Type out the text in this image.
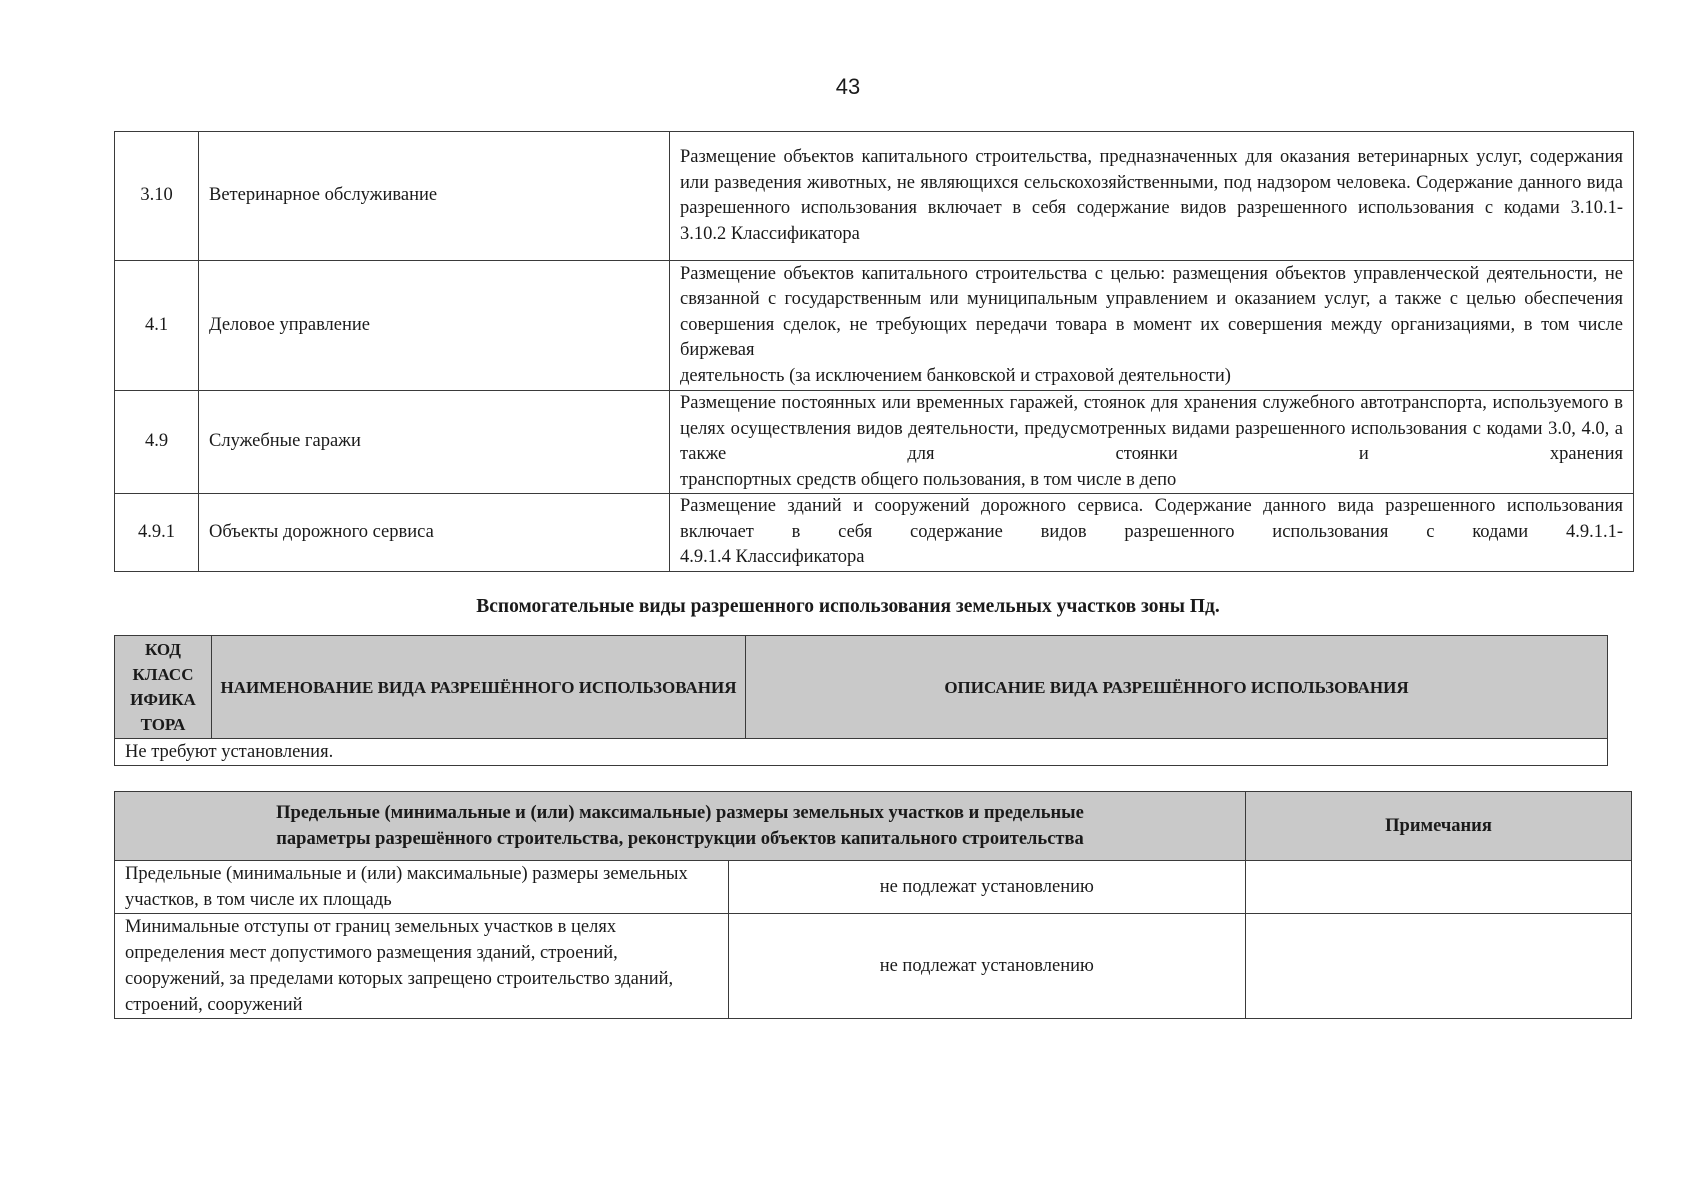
43
3.10	Ветеринарное обслуживание	Размещение объектов капитального строительства, предназначенных для оказания ветеринарных услуг, содержания или разведения животных, не являющихся сельскохозяйственными, под надзором человека. Содержание данного вида разрешенного использования включает в себя содержание видов разрешенного использования с кодами 3.10.1-
3.10.2 Классификатора

4.1	Деловое управление	Размещение объектов капитального строительства с целью: размещения объектов управленческой деятельности, не связанной с государственным или муниципальным управлением и оказанием услуг, а также с целью обеспечения совершения сделок, не требующих передачи товара в момент их совершения между организациями, в том числе биржевая
деятельность (за исключением банковской и страховой деятельности)

4.9	Служебные гаражи	Размещение постоянных или временных гаражей, стоянок для хранения служебного автотранспорта, используемого в целях осуществления видов деятельности, предусмотренных видами разрешенного использования с кодами 3.0, 4.0, а также для стоянки и хранения
транспортных средств общего пользования, в том числе в депо

4.9.1	Объекты дорожного сервиса	Размещение зданий и сооружений дорожного сервиса. Содержание данного вида разрешенного использования включает в себя содержание видов разрешенного использования с кодами 4.9.1.1-
4.9.1.4 Классификатора
Вспомогательные виды разрешенного использования земельных участков зоны Пд.
КОД КЛАСС ИФИКА ТОРА	НАИМЕНОВАНИЕ ВИДА РАЗРЕШЁННОГО ИСПОЛЬЗОВАНИЯ	ОПИСАНИЕ ВИДА РАЗРЕШЁННОГО ИСПОЛЬЗОВАНИЯ
Не требуют установления.
Предельные (минимальные и (или) максимальные) размеры земельных участков и предельные
параметры разрешённого строительства, реконструкции объектов капитального строительства		Примечания
Предельные (минимальные и (или) максимальные) размеры земельных участков, в том числе их площадь	не подлежат установлению	
Минимальные отступы от границ земельных участков в целях определения мест допустимого размещения зданий, строений, сооружений, за пределами которых запрещено строительство зданий, строений, сооружений	не подлежат установлению	
